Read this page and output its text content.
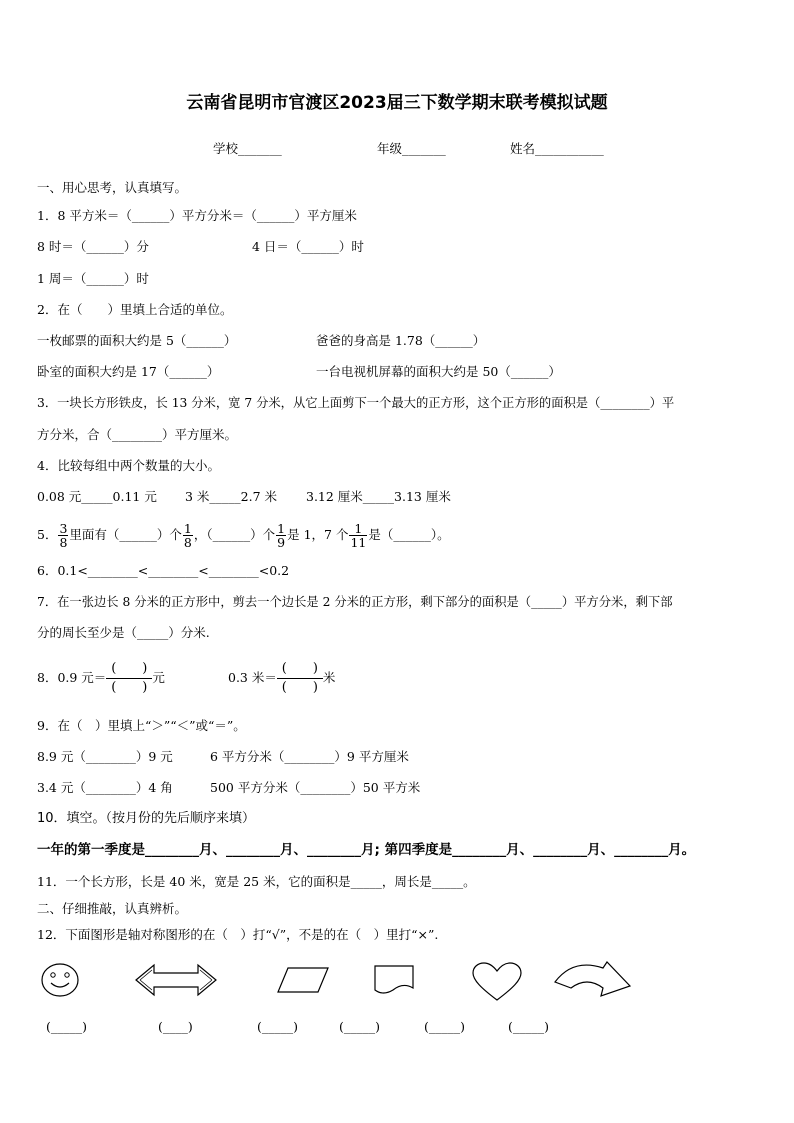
云南省昆明市官渡区2023届三下数学期末联考模拟试题
学校_______	年级_______	姓名___________
一、用心思考，认真填写。
1．8 平方米＝（______）平方分米＝（______）平方厘米
8 时＝（______）分	4 日＝（______）时
1 周＝（______）时
2．在（　　）里填上合适的单位。
一枚邮票的面积大约是 5（______）	爸爸的身高是 1.78（______）
卧室的面积大约是 17（______）	一台电视机屏幕的面积大约是 50（______）
3．一块长方形铁皮，长 13 分米，宽 7 分米，从它上面剪下一个最大的正方形，这个正方形的面积是（________）平
方分米，合（________）平方厘米。
4．比较每组中两个数量的大小。
0.08 元_____0.11 元 3 米_____2.7 米 3.12 厘米_____3.13 厘米
5． $\frac{3}{8}$ 里面有（______）个 $\frac{1}{8}$ ，（______）个 $\frac{1}{9}$ 是 1，7 个 $\frac{1}{11}$ 是（______）。
6．0.1<________<________<________<0.2
7．在一张边长 8 分米的正方形中，剪去一个边长是 2 分米的正方形，剩下部分的面积是（_____）平方分米，剩下部
分的周长至少是（_____）分米.
8．0.9 元＝
(　　)
(　　)
元	0.3 米＝
(　　)
(　　)
米
9．在（　）里填上“＞”“＜”或“＝”。
8.9 元（________）9 元	6 平方分米（________）9 平方厘米
3.4 元（________）4 角	500 平方分米（________）50 平方米
10．填空。（按月份的先后顺序来填）
一年的第一季度是________月、________月、________月; 第四季度是________月、________月、________月。
11．一个长方形，长是 40 米，宽是 25 米，它的面积是_____，周长是_____。
二、仔细推敲，认真辨析。
12．下面图形是轴对称图形的在（　）打“√”，不是的在（　）里打“×”.
(_____)	(____)	(_____)	(_____)	(_____)	(_____)
